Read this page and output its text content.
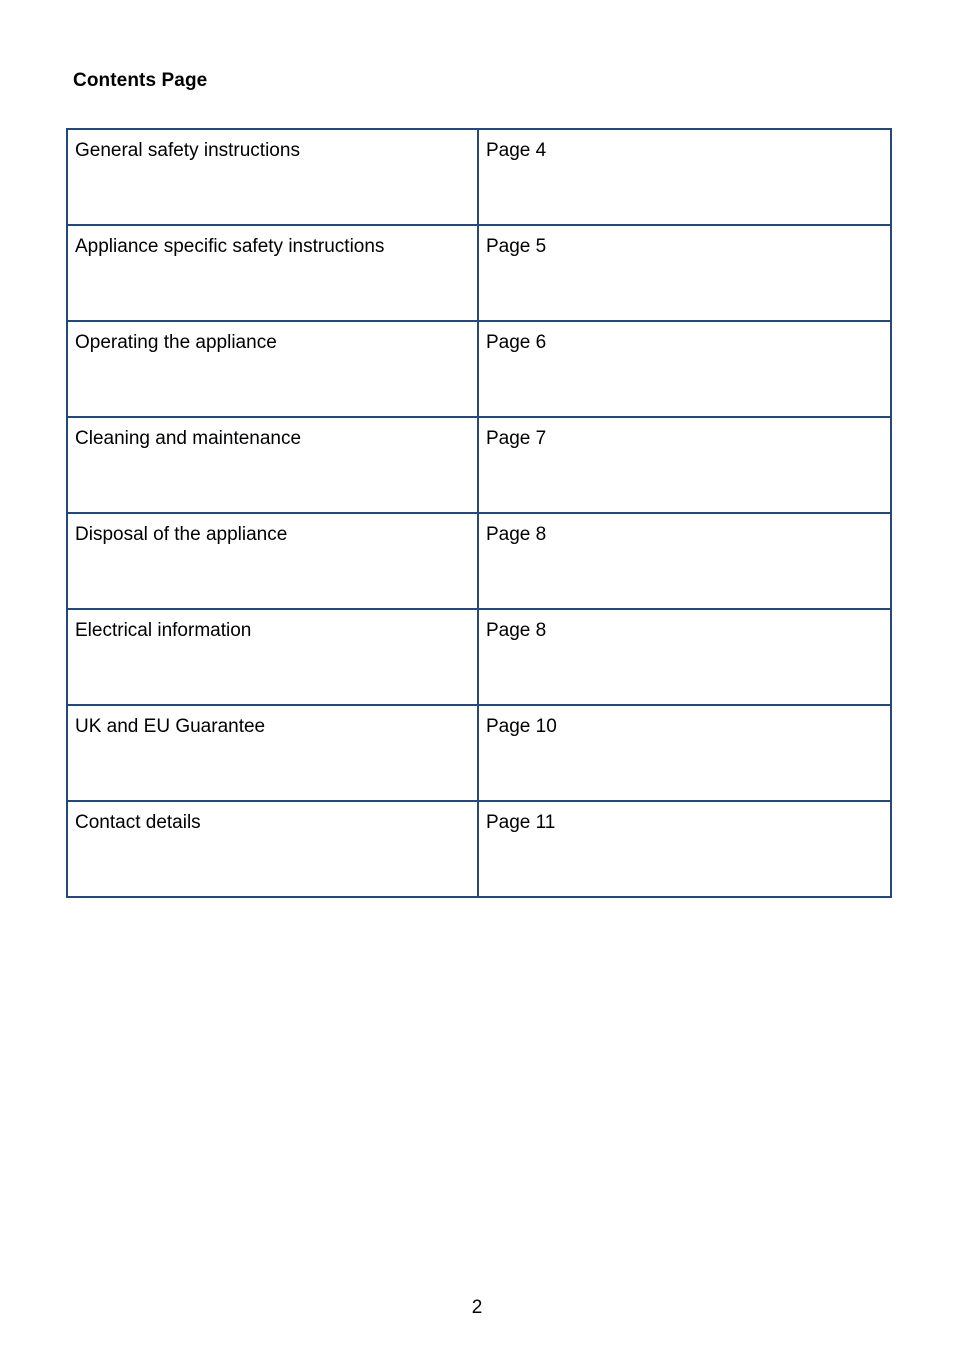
Contents Page
General safety instructions	Page 4
Appliance specific safety instructions	Page 5
Operating the appliance	Page 6
Cleaning and maintenance	Page 7
Disposal of the appliance	Page 8
Electrical information	Page 8
UK and EU Guarantee	Page 10
Contact details	Page 11
2
